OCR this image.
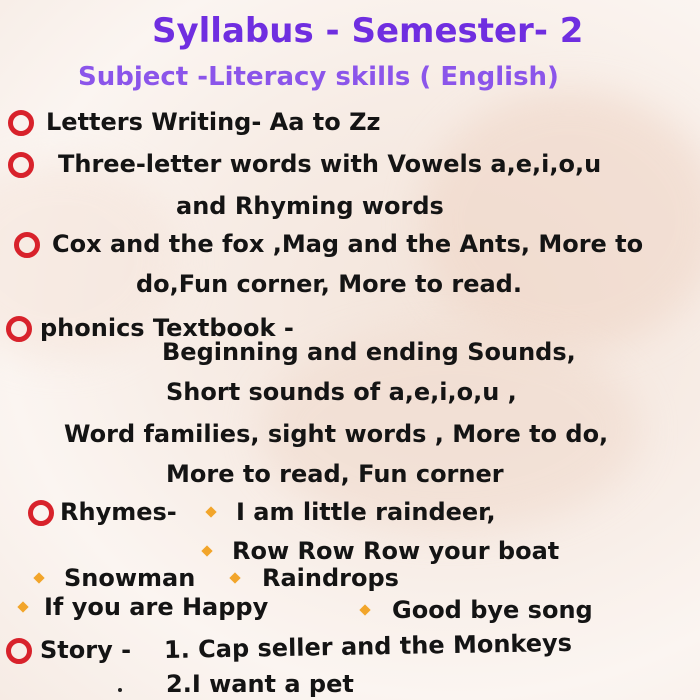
Syllabus - Semester- 2
Subject -Literacy skills ( English)
Letters Writing- Aa to Zz
Three-letter words with Vowels a,e,i,o,u
and Rhyming words
Cox and the fox ,Mag and the Ants, More to
do,Fun corner, More to read.
phonics Textbook -
Beginning and ending Sounds,
Short sounds of a,e,i,o,u ,
Word families, sight words , More to do,
More to read, Fun corner
Rhymes- I am little raindeer,
Row Row Row your boat
Snowman	Raindrops
If you are Happy	Good bye song
Story - 1. Cap seller and the Monkeys
2.I want a pet
